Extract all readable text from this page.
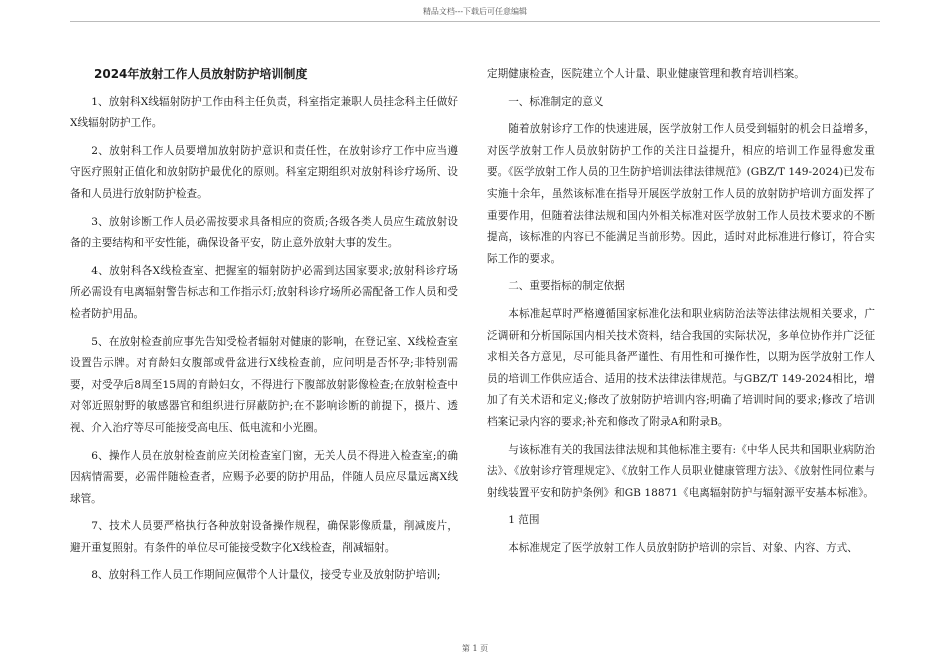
精品文档---下载后可任意编辑

2024年放射工作人员放射防护培训制度

1、放射科X线辐射防护工作由科主任负责，科室指定兼职人员挂念科主任做好X线辐射防护工作。

2、放射科工作人员要增加放射防护意识和责任性，在放射诊疗工作中应当遵守医疗照射正值化和放射防护最优化的原则。科室定期组织对放射科诊疗场所、设备和人员进行放射防护检查。

3、放射诊断工作人员必需按要求具备相应的资质;各级各类人员应生疏放射设备的主要结构和平安性能，确保设备平安，防止意外放射大事的发生。

4、放射科各X线检查室、把握室的辐射防护必需到达国家要求;放射科诊疗场所必需设有电离辐射警告标志和工作指示灯;放射科诊疗场所必需配备工作人员和受检者防护用品。

5、在放射检查前应事先告知受检者辐射对健康的影响，在登记室、X线检查室设置告示牌。对育龄妇女腹部或骨盆进行X线检查前，应问明是否怀孕;非特别需要，对受孕后8周至15周的育龄妇女，不得进行下腹部放射影像检查;在放射检查中对邻近照射野的敏感器官和组织进行屏蔽防护;在不影响诊断的前提下，摄片、透视、介入治疗等尽可能接受高电压、低电流和小光圈。

6、操作人员在放射检查前应关闭检查室门窗，无关人员不得进入检查室;的确因病情需要，必需伴随检查者，应赐予必要的防护用品，伴随人员应尽量远离X线球管。

7、技术人员要严格执行各种放射设备操作规程，确保影像质量，削减废片，避开重复照射。有条件的单位尽可能接受数字化X线检查，削减辐射。

8、放射科工作人员工作期间应佩带个人计量仪，接受专业及放射防护培训;

定期健康检查，医院建立个人计量、职业健康管理和教育培训档案。

一、标准制定的意义

随着放射诊疗工作的快速进展，医学放射工作人员受到辐射的机会日益增多，对医学放射工作人员放射防护工作的关注日益提升，相应的培训工作显得愈发重要。《医学放射工作人员的卫生防护培训法律法律规范》(GBZ/T 149-2024)已发布实施十余年，虽然该标准在指导开展医学放射工作人员的放射防护培训方面发挥了重要作用，但随着法律法规和国内外相关标准对医学放射工作人员技术要求的不断提高，该标准的内容已不能满足当前形势。因此，适时对此标准进行修订，符合实际工作的要求。

二、重要指标的制定依据

本标准起草时严格遵循国家标准化法和职业病防治法等法律法规相关要求，广泛调研和分析国际国内相关技术资料，结合我国的实际状况，多单位协作并广泛征求相关各方意见，尽可能具备严谨性、有用性和可操作性，以期为医学放射工作人员的培训工作供应适合、适用的技术法律法律规范。与GBZ/T 149-2024相比，增加了有关术语和定义;修改了放射防护培训内容;明确了培训时间的要求;修改了培训档案记录内容的要求;补充和修改了附录A和附录B。

与该标准有关的我国法律法规和其他标准主要有:《中华人民共和国职业病防治法》、《放射诊疗管理规定》、《放射工作人员职业健康管理方法》、《放射性同位素与射线装置平安和防护条例》和GB 18871《电离辐射防护与辐射源平安基本标准》。

1 范围

本标准规定了医学放射工作人员放射防护培训的宗旨、对象、内容、方式、

第 1 页
